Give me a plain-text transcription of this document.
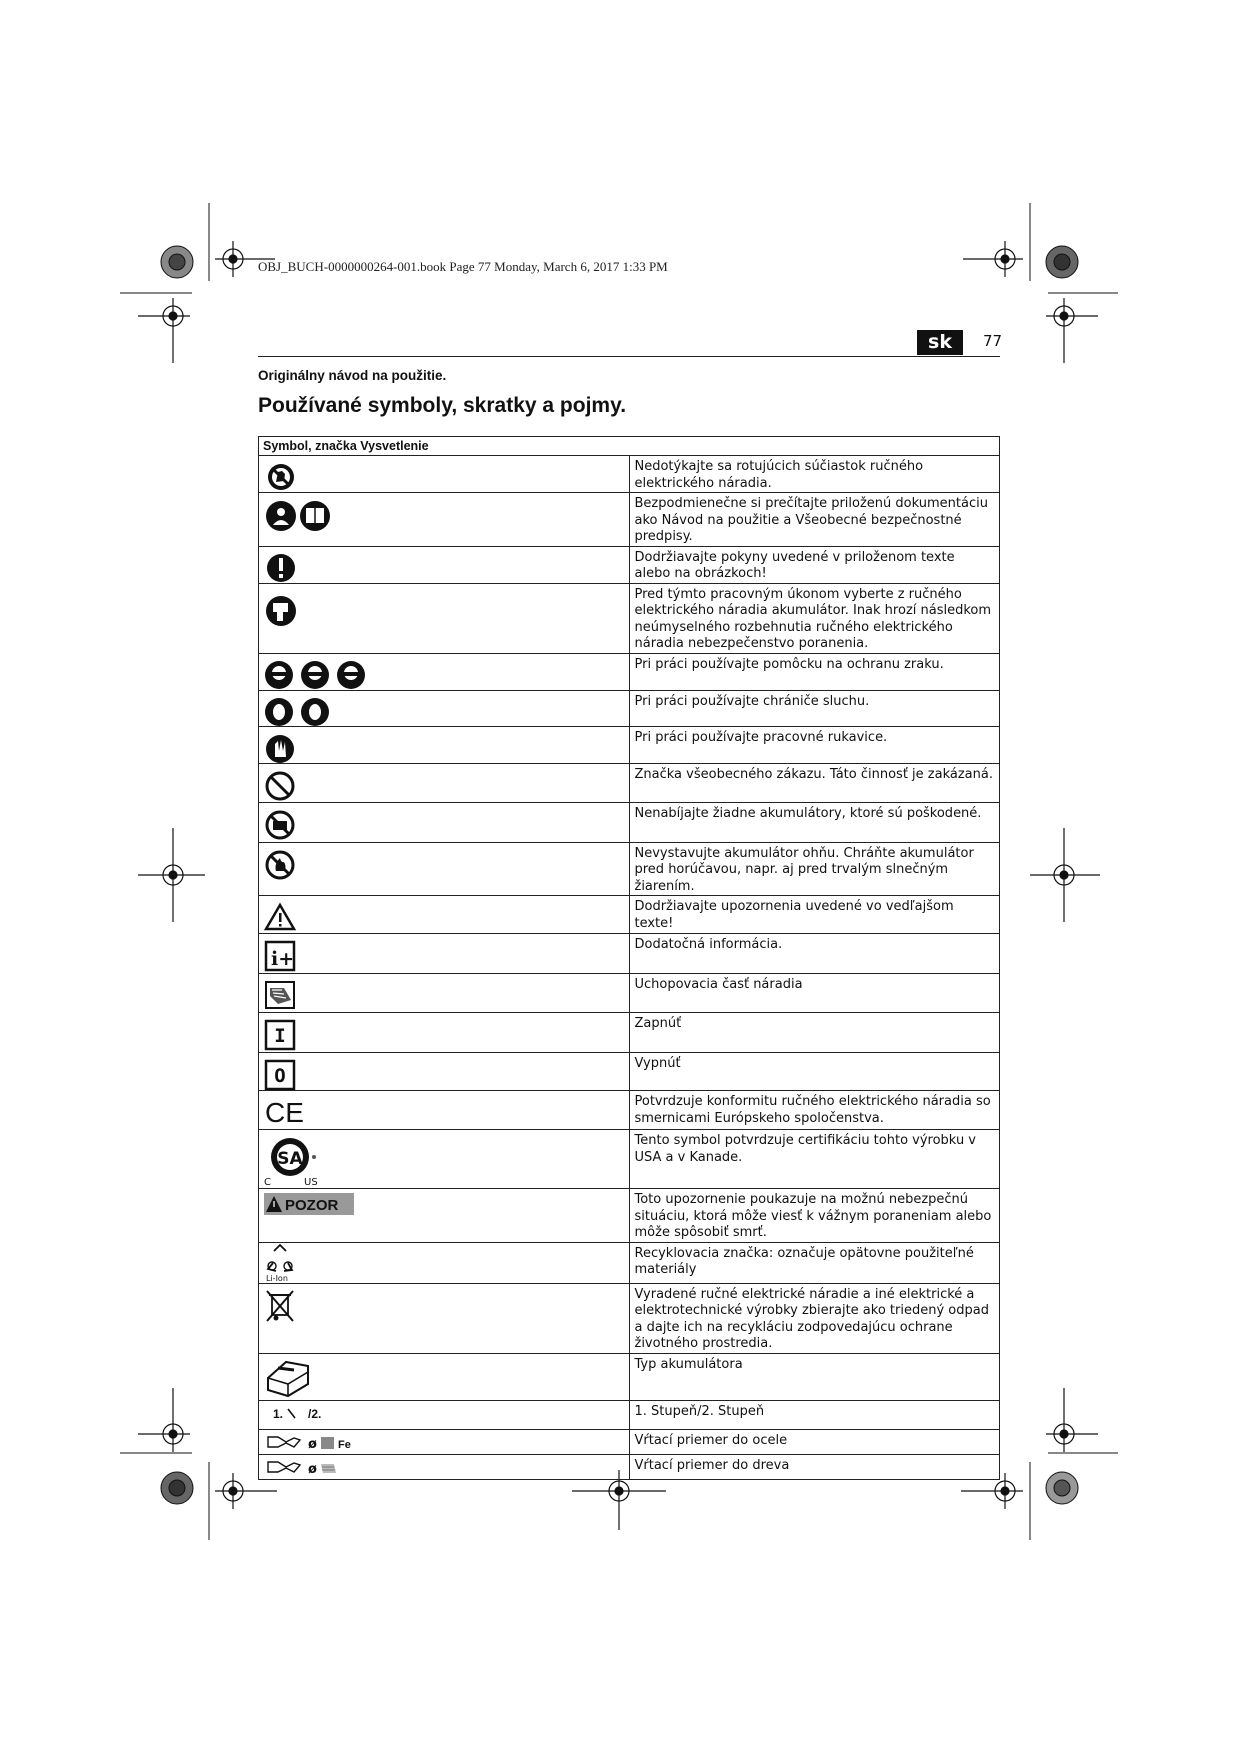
OBJ_BUCH-0000000264-001.book Page 77 Monday, March 6, 2017 1:33 PM
sk	77
Originálny návod na použitie.
Používané symboly, skratky a pojmy.
Symbol, značka Vysvetlenie	

	Nedotýkajte sa rotujúcich súčiastok ručného elektrického náradia.

	Bezpodmienečne si prečítajte priloženú dokumentáciu ako Návod na použitie a Všeobecné bezpečnostné predpisy.

	Dodržiavajte pokyny uvedené v priloženom texte alebo na obrázkoch!

	Pred týmto pracovným úkonom vyberte z ručného elektrického náradia akumulátor. Inak hrozí následkom neúmyselného rozbehnutia ručného elektrického náradia nebezpečenstvo poranenia.

	Pri práci používajte pomôcku na ochranu zraku.

	Pri práci používajte chrániče sluchu.

	Pri práci používajte pracovné rukavice.

	Značka všeobecného zákazu. Táto činnosť je zakázaná.

	Nenabíjajte žiadne akumulátory, ktoré sú poškodené.

	Nevystavujte akumulátor ohňu. Chráňte akumulátor pred horúčavou, napr. aj pred trvalým slnečným žiarením.

	Dodržiavajte upozornenia uvedené vo vedľajšom texte!

i+	Dodatočná informácia.

	Uchopovacia časť náradia

I	Zapnúť

O	Vypnúť

CE	Potvrdzuje konformitu ručného elektrického náradia so smernicami Európskeho spoločenstva.

SA
C US	Tento symbol potvrdzuje certifikáciu tohto výrobku v USA a v Kanade.

POZOR	Toto upozornenie poukazuje na možnú nebezpečnú situáciu, ktorá môže viesť k vážnym poraneniam alebo môže spôsobiť smrť.

Li-Ion	Recyklovacia značka: označuje opätovne použiteľné materiály

	Vyradené ručné elektrické náradie a iné elektrické a elektrotechnické výrobky zbierajte ako triedený odpad a dajte ich na recykláciu zodpovedajúcu ochrane životného prostredia.

	Typ akumulátora

1. /2.	1. Stupeň/2. Stupeň

ø Fe	Vŕtací priemer do ocele

ø	Vŕtací priemer do dreva
